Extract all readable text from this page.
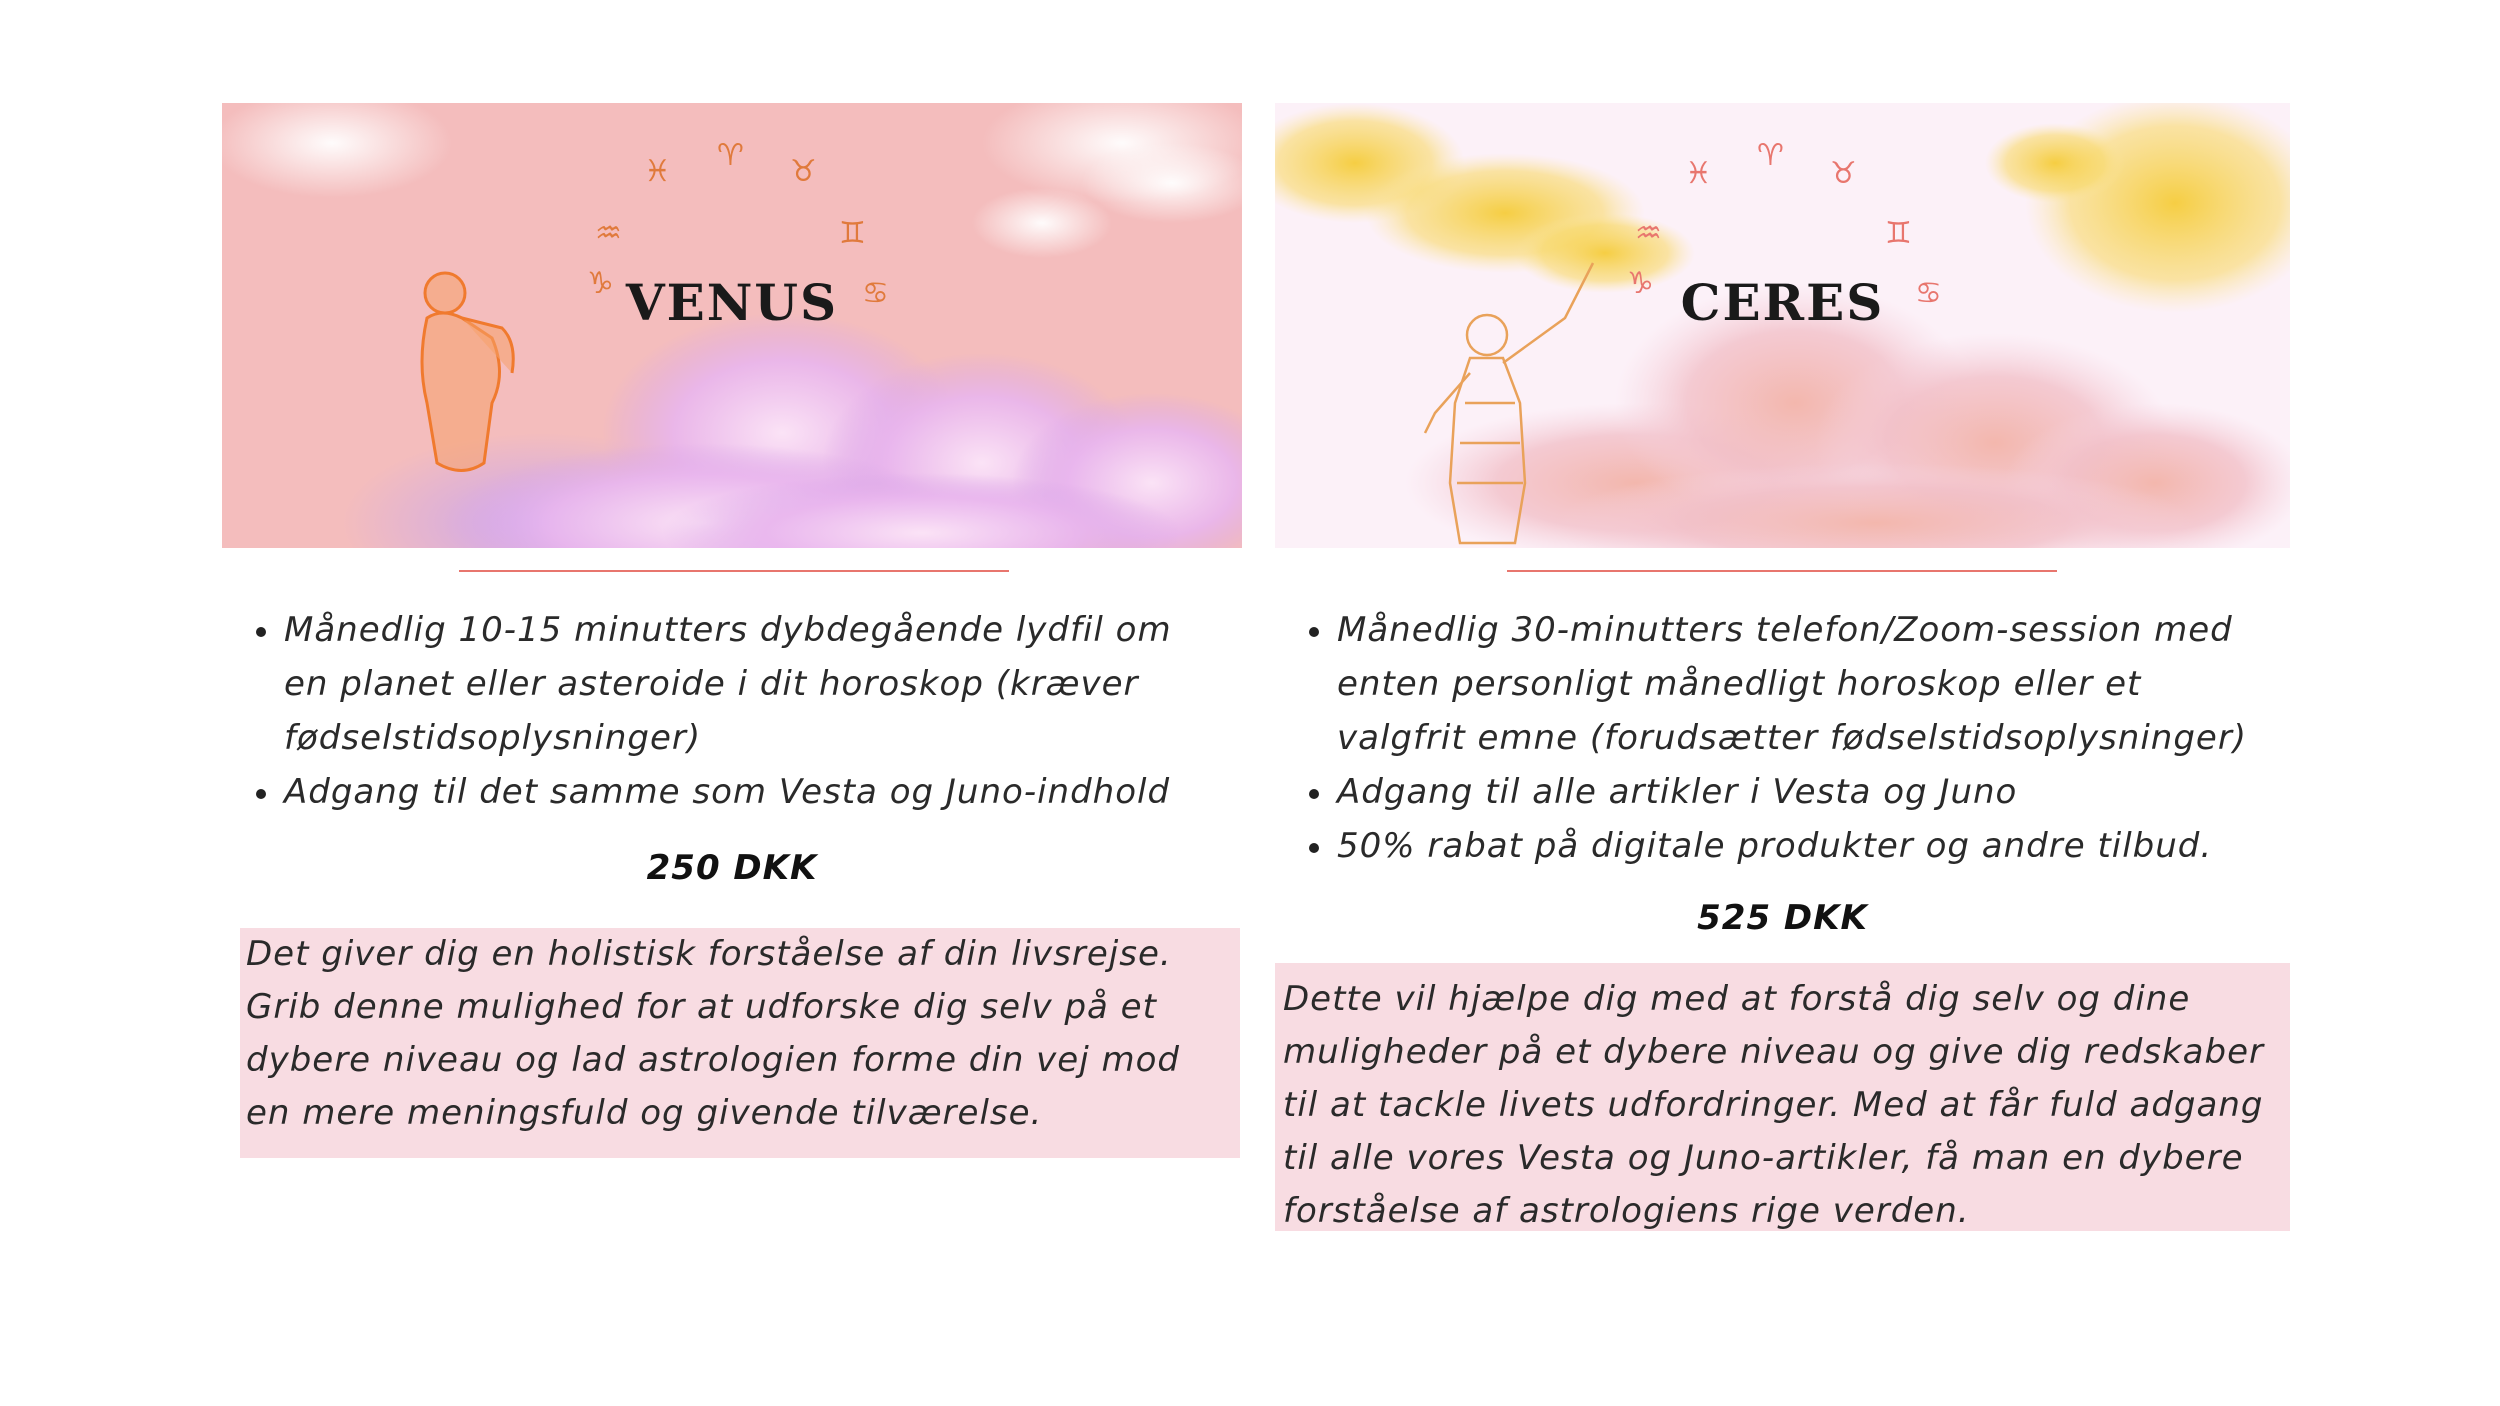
♑
♒
♓ ♈ ♉
♊
♋
VENUS
Månedlig 10-15 minutters dybdegående lydfil om en planet eller asteroide i dit horoskop (kræver fødselstidsoplysninger)
Adgang til det samme som Vesta og Juno-indhold
250 DKK
Det giver dig en holistisk forståelse af din livsrejse. Grib denne mulighed for at udforske dig selv på et dybere niveau og lad astrologien forme din vej mod en mere meningsfuld og givende tilværelse.
♑
♒
♓
♈
♉
♊
♋
CERES
Månedlig 30-minutters telefon/Zoom-session med enten personligt månedligt horoskop eller et valgfrit emne (forudsætter fødselstidsoplysninger)
Adgang til alle artikler i Vesta og Juno
50% rabat på digitale produkter og andre tilbud.
525 DKK
Dette vil hjælpe dig med at forstå dig selv og dine muligheder på et dybere niveau og give dig redskaber til at tackle livets udfordringer. Med at får fuld adgang til alle vores Vesta og Juno-artikler, få man en dybere forståelse af astrologiens rige verden.
